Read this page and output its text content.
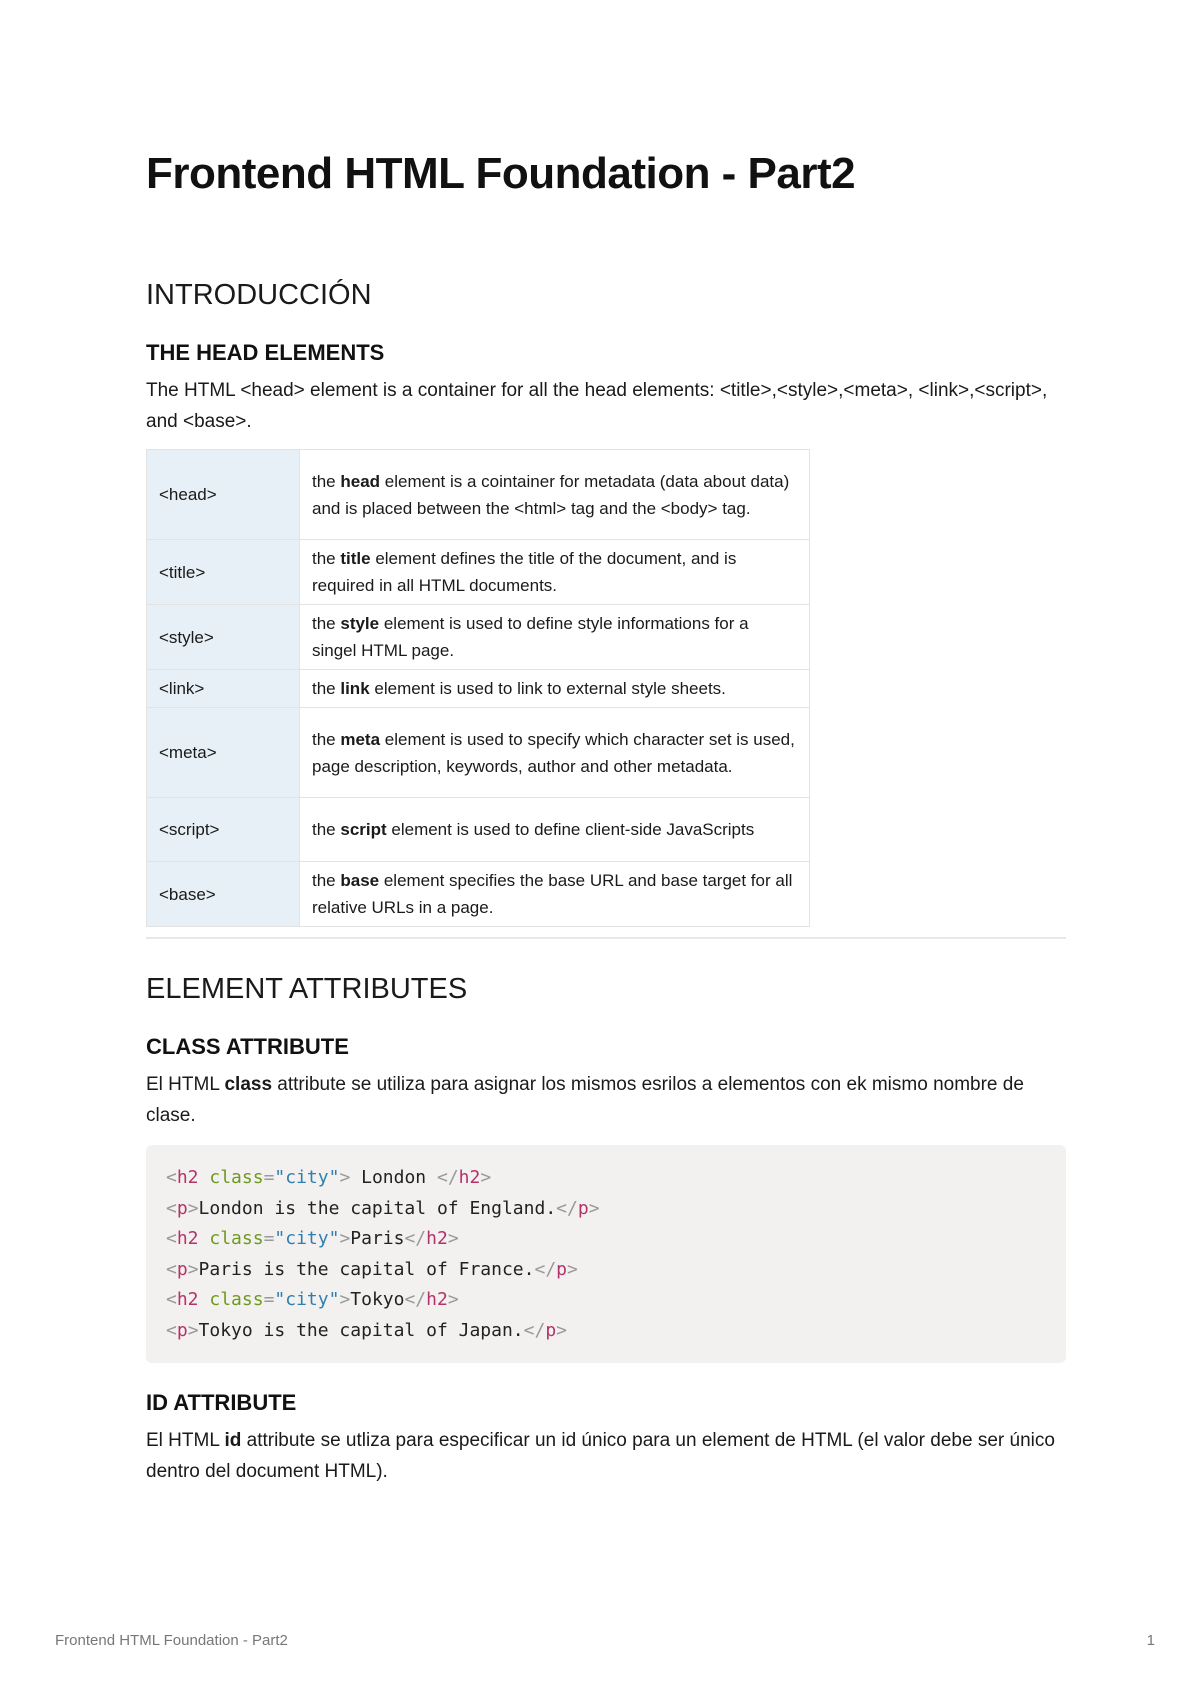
Frontend HTML Foundation - Part2
INTRODUCCIÓN
THE HEAD ELEMENTS

The HTML <head> element is a container for all the head elements: <title>,<style>,<meta>, <link>,<script>, and <base>.

<head>	the head element is a cointainer for metadata (data about data) and is placed between the <html> tag and the <body> tag.
<title>	the title element defines the title of the document, and is required in all HTML documents.
<style>	the style element is used to define style informations for a singel HTML page.
<link>	the link element is used to link to external style sheets.
<meta>	the meta element is used to specify which character set is used, page description, keywords, author and other metadata.
<script>	the script element is used to define client-side JavaScripts
<base>	the base element specifies the base URL and base target for all relative URLs in a page.
ELEMENT ATTRIBUTES
CLASS ATTRIBUTE

El HTML class attribute se utiliza para asignar los mismos esrilos a elementos con ek mismo nombre de clase.

<h2 class="city"> London </h2>
<p>London is the capital of England.</p>
<h2 class="city">Paris</h2>
<p>Paris is the capital of France.</p>
<h2 class="city">Tokyo</h2>
<p>Tokyo is the capital of Japan.</p>
ID ATTRIBUTE

El HTML id attribute se utliza para especificar un id único para un element de HTML (el valor debe ser único dentro del document HTML).

Frontend HTML Foundation - Part2	1
